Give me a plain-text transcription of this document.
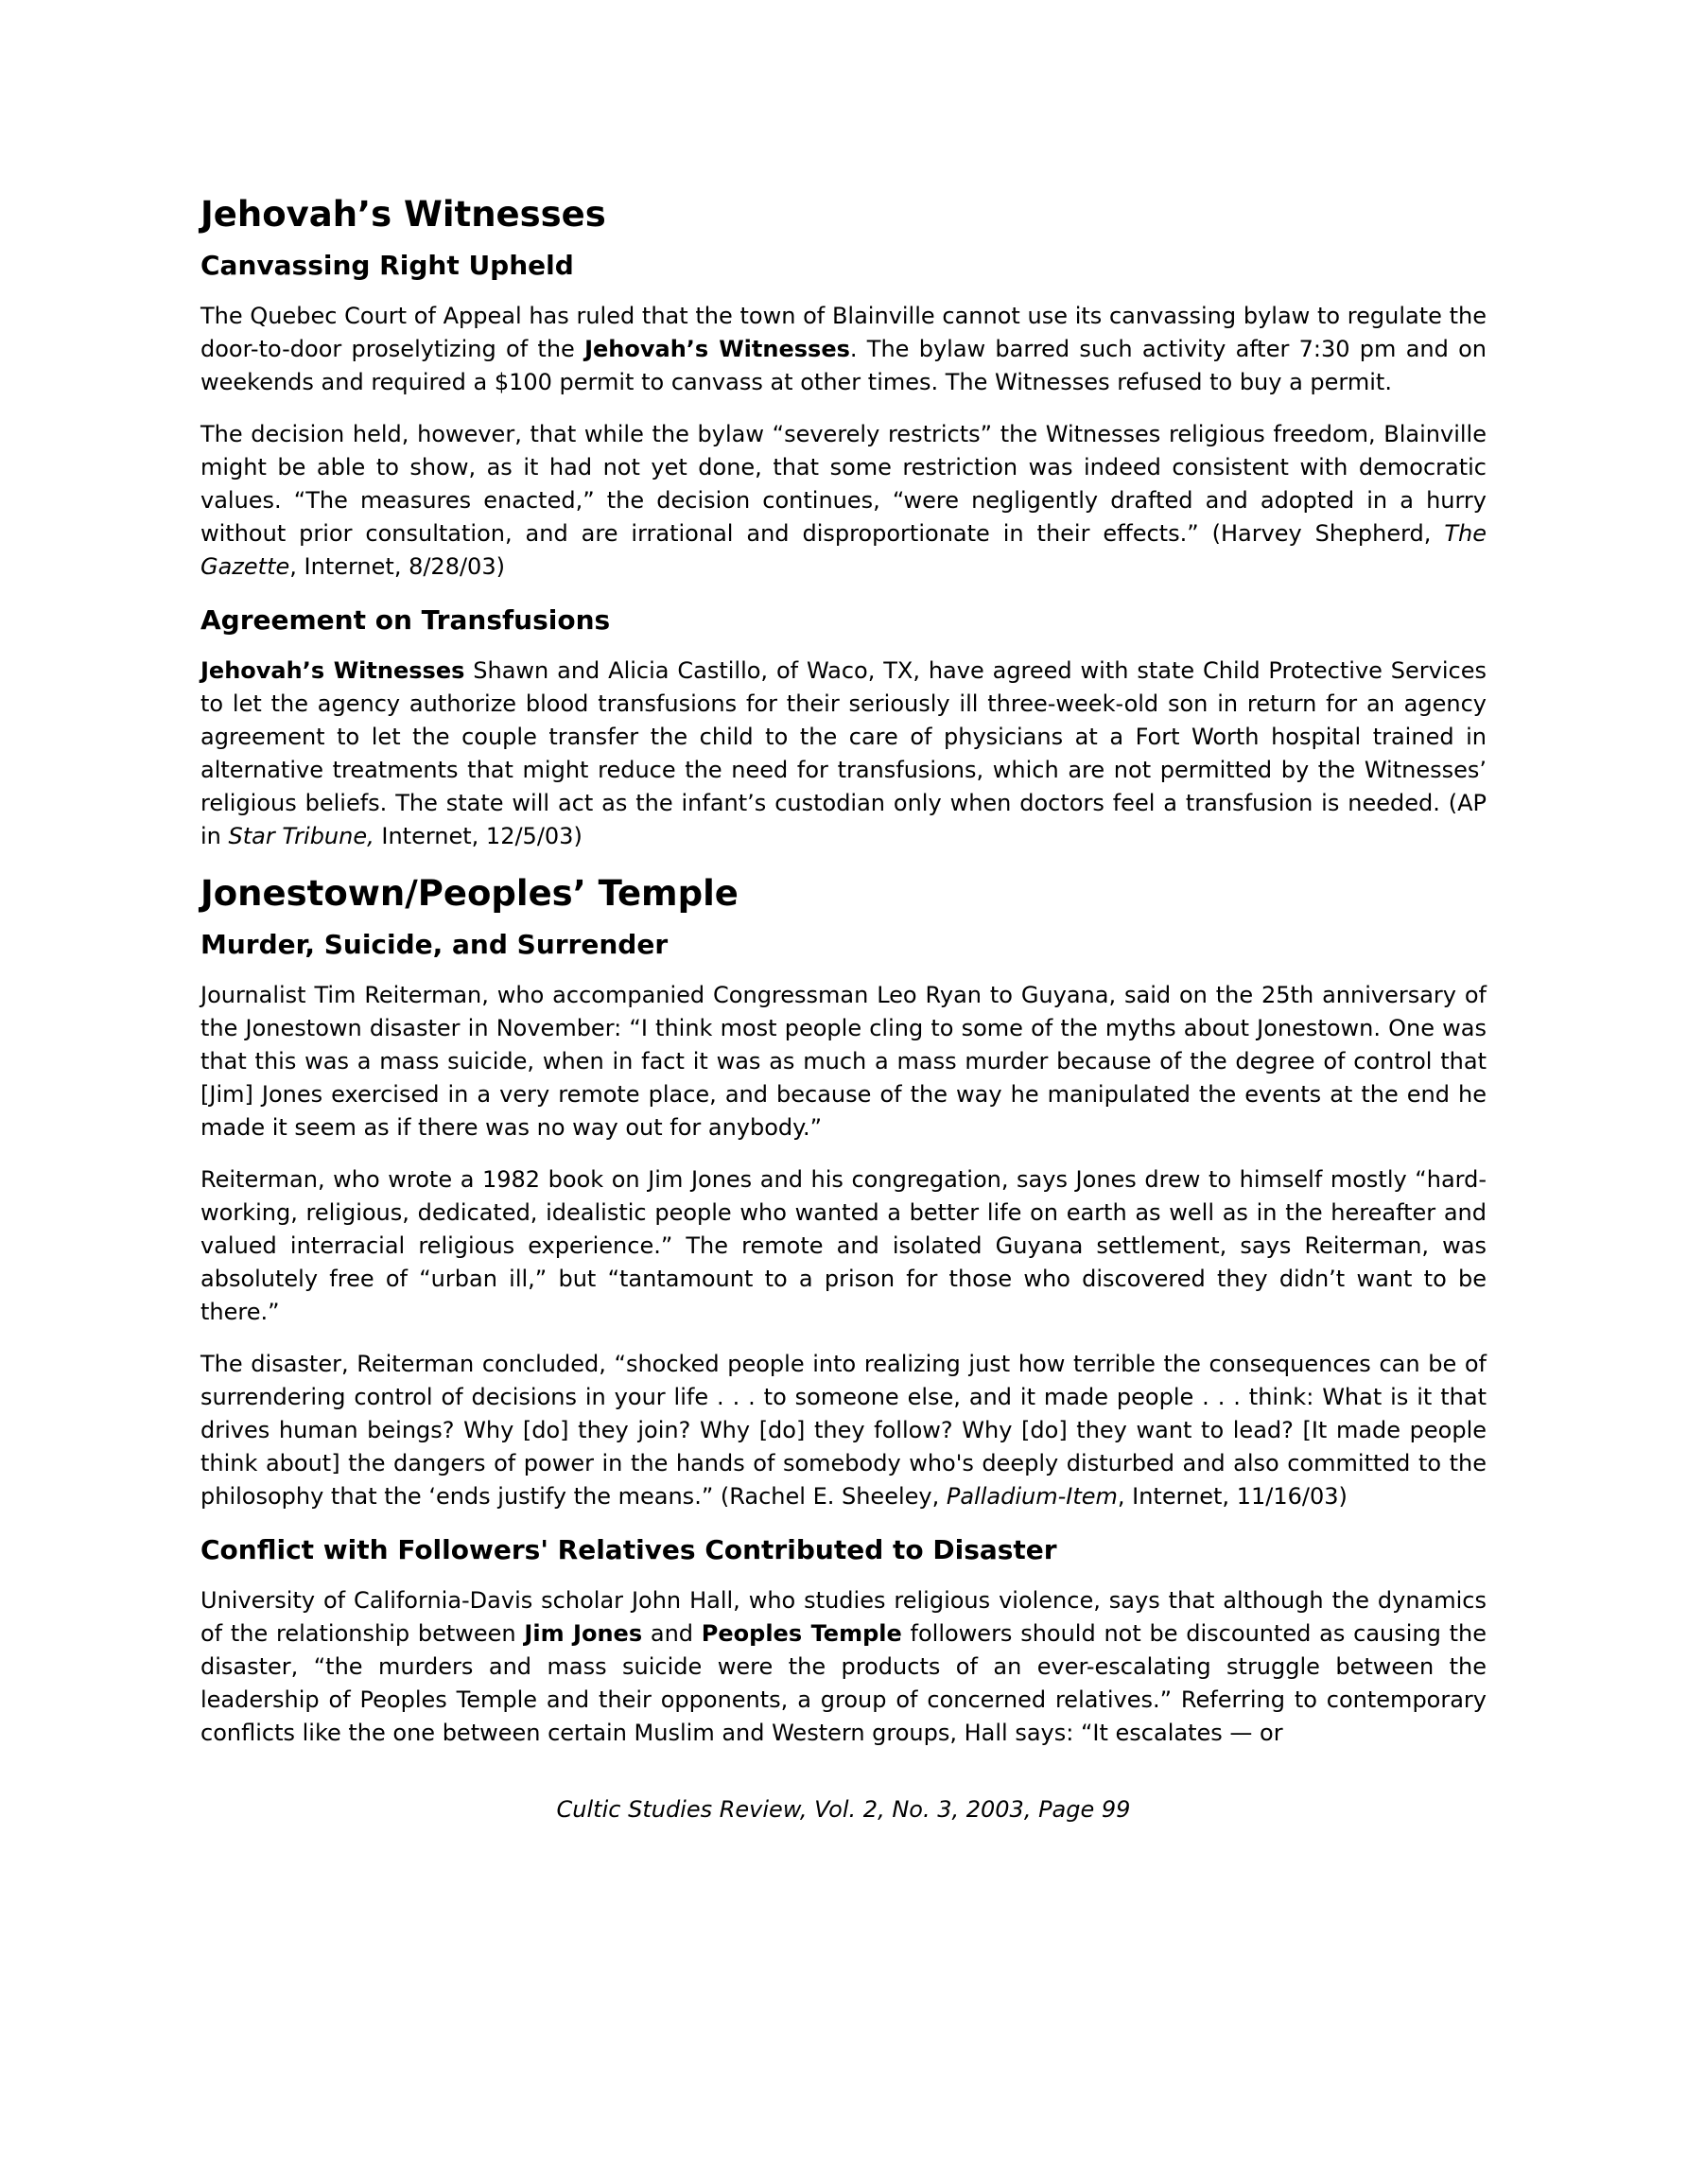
Jehovah’s Witnesses
Canvassing Right Upheld

The Quebec Court of Appeal has ruled that the town of Blainville cannot use its canvassing bylaw to regulate the door-to-door proselytizing of the Jehovah’s Witnesses. The bylaw barred such activity after 7:30 pm and on weekends and required a $100 permit to canvass at other times. The Witnesses refused to buy a permit.

The decision held, however, that while the bylaw “severely restricts” the Witnesses religious freedom, Blainville might be able to show, as it had not yet done, that some restriction was indeed consistent with democratic values. “The measures enacted,” the decision continues, “were negligently drafted and adopted in a hurry without prior consultation, and are irrational and disproportionate in their effects.” (Harvey Shepherd, The Gazette, Internet, 8/28/03)

Agreement on Transfusions

Jehovah’s Witnesses Shawn and Alicia Castillo, of Waco, TX, have agreed with state Child Protective Services to let the agency authorize blood transfusions for their seriously ill three-week-old son in return for an agency agreement to let the couple transfer the child to the care of physicians at a Fort Worth hospital trained in alternative treatments that might reduce the need for transfusions, which are not permitted by the Witnesses’ religious beliefs. The state will act as the infant’s custodian only when doctors feel a transfusion is needed. (AP in Star Tribune, Internet, 12/5/03)

Jonestown/Peoples’ Temple
Murder, Suicide, and Surrender

Journalist Tim Reiterman, who accompanied Congressman Leo Ryan to Guyana, said on the 25th anniversary of the Jonestown disaster in November: “I think most people cling to some of the myths about Jonestown. One was that this was a mass suicide, when in fact it was as much a mass murder because of the degree of control that [Jim] Jones exercised in a very remote place, and because of the way he manipulated the events at the end he made it seem as if there was no way out for anybody.”

Reiterman, who wrote a 1982 book on Jim Jones and his congregation, says Jones drew to himself mostly “hard-working, religious, dedicated, idealistic people who wanted a better life on earth as well as in the hereafter and valued interracial religious experience.” The remote and isolated Guyana settlement, says Reiterman, was absolutely free of “urban ill,” but “tantamount to a prison for those who discovered they didn’t want to be there.”

The disaster, Reiterman concluded, “shocked people into realizing just how terrible the consequences can be of surrendering control of decisions in your life . . . to someone else, and it made people . . . think: What is it that drives human beings? Why [do] they join? Why [do] they follow? Why [do] they want to lead? [It made people think about] the dangers of power in the hands of somebody who's deeply disturbed and also committed to the philosophy that the ‘ends justify the means.” (Rachel E. Sheeley, Palladium-Item, Internet, 11/16/03)

Conflict with Followers' Relatives Contributed to Disaster

University of California-Davis scholar John Hall, who studies religious violence, says that although the dynamics of the relationship between Jim Jones and Peoples Temple followers should not be discounted as causing the disaster, “the murders and mass suicide were the products of an ever-escalating struggle between the leadership of Peoples Temple and their opponents, a group of concerned relatives.” Referring to contemporary conflicts like the one between certain Muslim and Western groups, Hall says: “It escalates — or

Cultic Studies Review, Vol. 2, No. 3, 2003, Page 99
